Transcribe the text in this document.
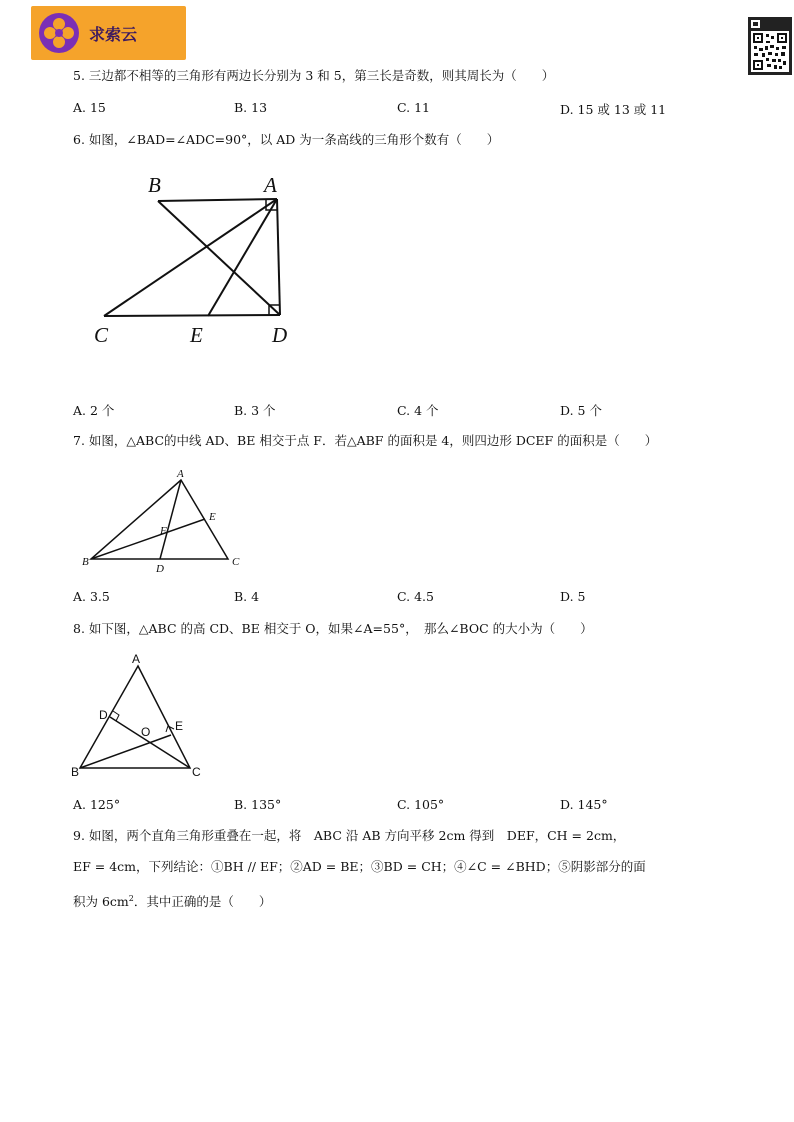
求索云
5. 三边都不相等的三角形有两边长分别为 3 和 5，第三长是奇数，则其周长为（　　）
A. 15	B. 13	C. 11	D. 15 或 13 或 11
6. 如图，∠BAD=∠ADC=90°，以 AD 为一条高线的三角形个数有（　　）
B	A
C	E	D
A. 2 个	B. 3 个	C. 4 个	D. 5 个
7. 如图，△ABC的中线 AD、BE 相交于点 F．若△ABF 的面积是 4，则四边形 DCEF 的面积是（　　）
A
E
F
B
D
C
A. 3.5	B. 4	C. 4.5	D. 5
8. 如下图，△ABC 的高 CD、BE 相交于 O，如果∠A=55°，　那么∠BOC 的大小为（　　）
A
D
O E
B	C
A. 125°	B. 135°	C. 105°	D. 145°
9. 如图，两个直角三角形重叠在一起，将　ABC 沿 AB 方向平移 2cm 得到　DEF，CH = 2cm，
EF = 4cm，下列结论：①BH // EF；②AD = BE；③BD = CH；④∠C = ∠BHD；⑤阴影部分的面
积为 $6cm^2$．其中正确的是（　　）
